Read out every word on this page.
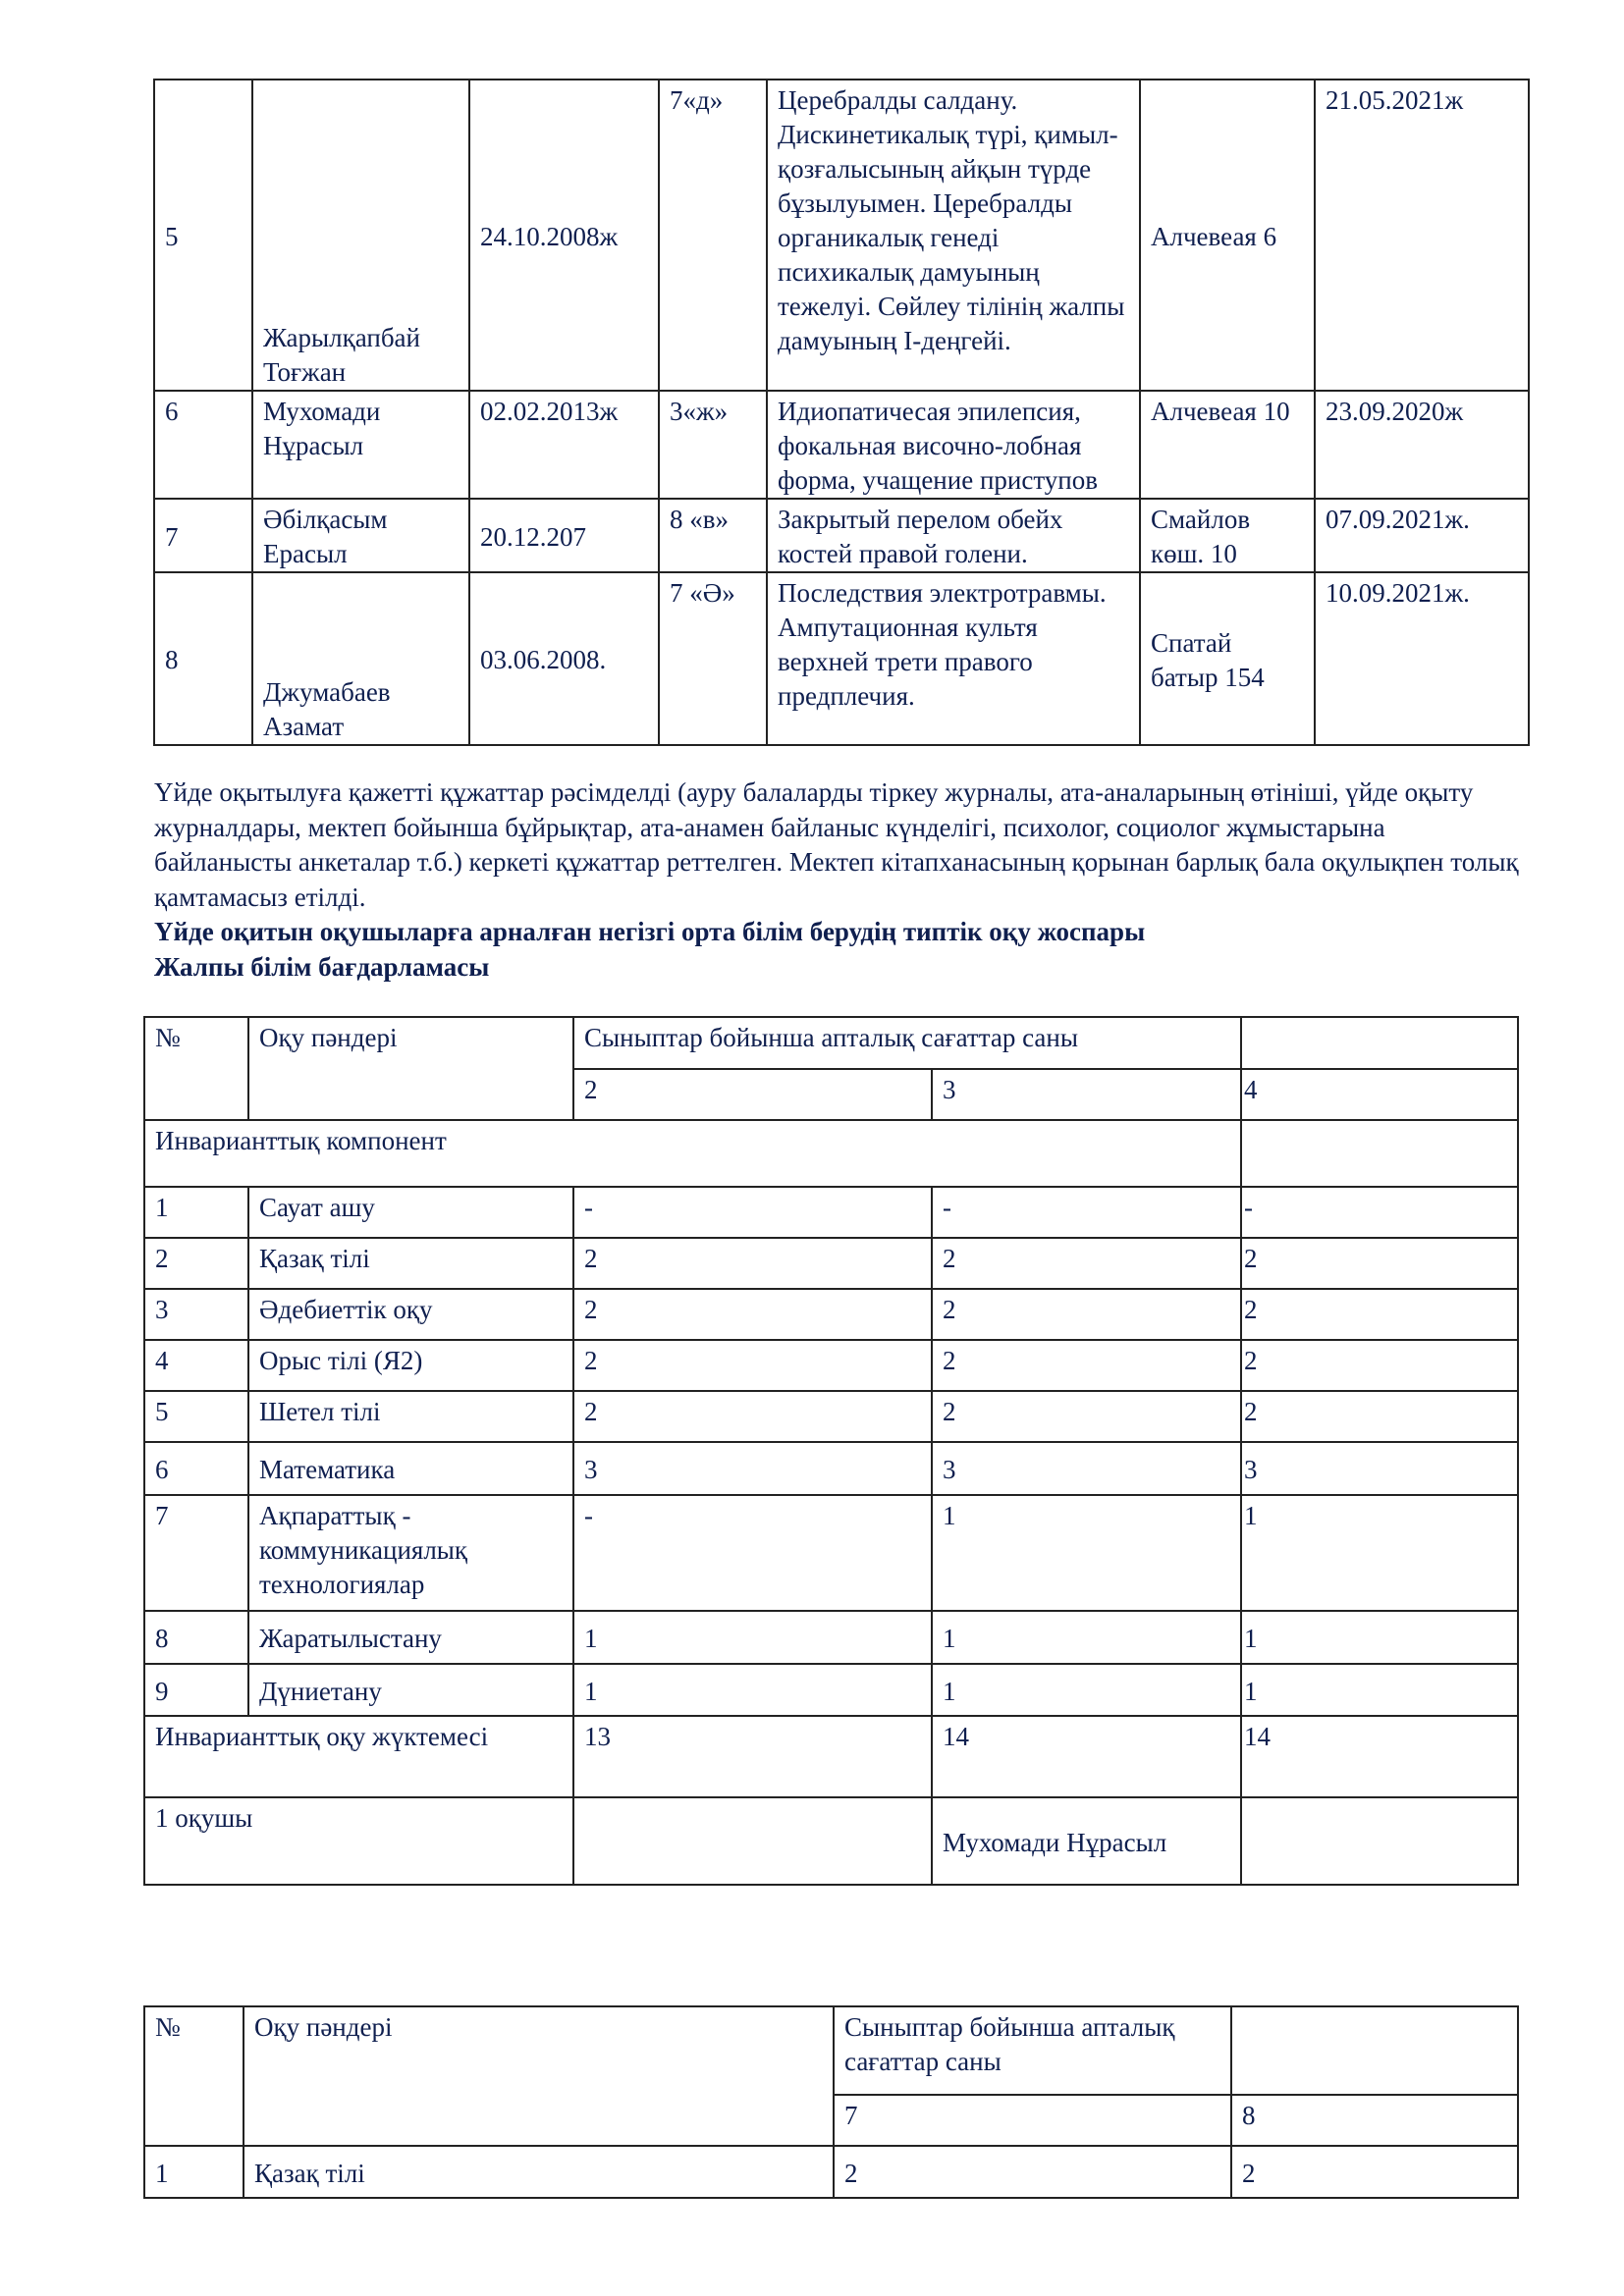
5	Жарылқапбай Тоғжан	24.10.2008ж	7«д»	Церебралды салдану. Дискинетикалық түрі, қимыл-қозғалысының айқын түрде бұзылуымен. Церебралды органикалық генеді психикалық дамуының тежелуі. Сөйлеу тілінің жалпы дамуының I-деңгейі.	Алчевеая 6	21.05.2021ж
6	Мухомади Нұрасыл	02.02.2013ж	3«ж»	Идиопатичесая эпилепсия, фокальная височно-лобная форма, учащение приступов	Алчевеая 10	23.09.2020ж
7	Әбілқасым Ерасыл	20.12.207	8 «в»	Закрытый перелом обейх костей правой голени.	Смайлов көш. 10	07.09.2021ж.
8	Джумабаев Азамат	03.06.2008.	7 «Ә»	Последствия электротравмы. Ампутационная культя верхней трети правого предплечия.	Спатай батыр 154	10.09.2021ж.

Үйде оқытылуға қажетті құжаттар рәсімделді (ауру балаларды тіркеу журналы, ата-аналарының өтініші, үйде оқыту журналдары, мектеп бойынша бұйрықтар, ата-анамен байланыс күнделігі, психолог, социолог жұмыстарына байланысты анкеталар т.б.) керкеті құжаттар реттелген. Мектеп кітапханасының қорынан барлық бала оқулықпен толық қамтамасыз етілді.

Үйде оқитын оқушыларға арналған негізгі орта білім берудің типтік оқу жоспары

Жалпы білім бағдарламасы

№	Оқу пәндері	Сыныптар бойынша апталық сағаттар саны		
		2	3	4
Инварианттық компонент				
1	Сауат ашу	-	-	-
2	Қазақ тілі	2	2	2
3	Әдебиеттік оқу	2	2	2
4	Орыс тілі (Я2)	2	2	2
5	Шетел тілі	2	2	2
6	Математика	3	3	3
7	Ақпараттық - коммуникациялық технологиялар	-	1	1
8	Жаратылыстану	1	1	1
9	Дүниетану	1	1	1
Инварианттық оқу жүктемесі		13	14	14
1 оқушы			Мухомади Нұрасыл	
№	Оқу пәндері	Сыныптар бойынша апталық сағаттар саны	
		7	8
1	Қазақ тілі	2	2
